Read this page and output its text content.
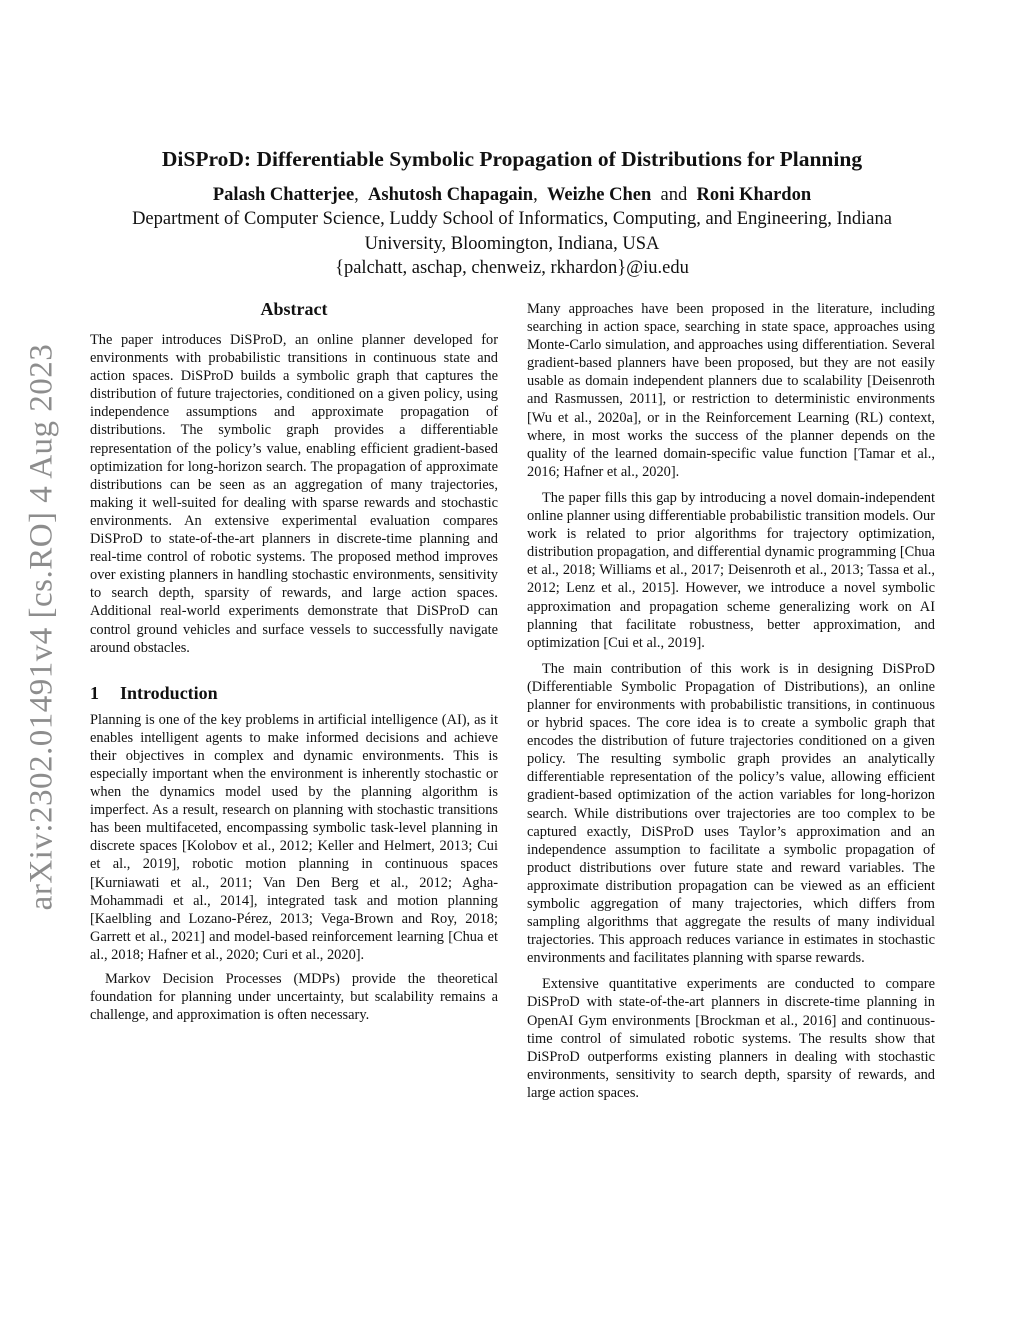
arXiv:2302.01491v4 [cs.RO] 4 Aug 2023
DiSProD: Differentiable Symbolic Propagation of Distributions for Planning
Palash Chatterjee, Ashutosh Chapagain, Weizhe Chen and Roni Khardon
Department of Computer Science, Luddy School of Informatics, Computing, and Engineering, Indiana
University, Bloomington, Indiana, USA
{palchatt, aschap, chenweiz, rkhardon}@iu.edu
Abstract

The paper introduces DiSProD, an online planner developed for environments with probabilistic transitions in continuous state and action spaces. DiSProD builds a symbolic graph that captures the distribution of future trajectories, conditioned on a given policy, using independence assumptions and approximate propagation of distributions. The symbolic graph provides a differentiable representation of the policy’s value, enabling efficient gradient-based optimization for long-horizon search. The propagation of approximate distributions can be seen as an aggregation of many trajectories, making it well-suited for dealing with sparse rewards and stochastic environments. An extensive experimental evaluation compares DiSProD to state-of-the-art planners in discrete-time planning and real-time control of robotic systems. The proposed method improves over existing planners in handling stochastic environments, sensitivity to search depth, sparsity of rewards, and large action spaces. Additional real-world experiments demonstrate that DiSProD can control ground vehicles and surface vessels to successfully navigate around obstacles.

1 Introduction

Planning is one of the key problems in artificial intelligence (AI), as it enables intelligent agents to make informed decisions and achieve their objectives in complex and dynamic environments. This is especially important when the environment is inherently stochastic or when the dynamics model used by the planning algorithm is imperfect. As a result, research on planning with stochastic transitions has been multifaceted, encompassing symbolic task-level planning in discrete spaces [Kolobov et al., 2012; Keller and Helmert, 2013; Cui et al., 2019], robotic motion planning in continuous spaces [Kurniawati et al., 2011; Van Den Berg et al., 2012; Agha-Mohammadi et al., 2014], integrated task and motion planning [Kaelbling and Lozano-Pérez, 2013; Vega-Brown and Roy, 2018; Garrett et al., 2021] and model-based reinforcement learning [Chua et al., 2018; Hafner et al., 2020; Curi et al., 2020].

Markov Decision Processes (MDPs) provide the theoretical foundation for planning under uncertainty, but scalability remains a challenge, and approximation is often necessary.

Many approaches have been proposed in the literature, including searching in action space, searching in state space, approaches using Monte-Carlo simulation, and approaches using differentiation. Several gradient-based planners have been proposed, but they are not easily usable as domain independent planners due to scalability [Deisenroth and Rasmussen, 2011], or restriction to deterministic environments [Wu et al., 2020a], or in the Reinforcement Learning (RL) context, where, in most works the success of the planner depends on the quality of the learned domain-specific value function [Tamar et al., 2016; Hafner et al., 2020].

The paper fills this gap by introducing a novel domain-independent online planner using differentiable probabilistic transition models. Our work is related to prior algorithms for trajectory optimization, distribution propagation, and differential dynamic programming [Chua et al., 2018; Williams et al., 2017; Deisenroth et al., 2013; Tassa et al., 2012; Lenz et al., 2015]. However, we introduce a novel symbolic approximation and propagation scheme generalizing work on AI planning that facilitate robustness, better approximation, and optimization [Cui et al., 2019].

The main contribution of this work is in designing DiSProD (Differentiable Symbolic Propagation of Distributions), an online planner for environments with probabilistic transitions, in continuous or hybrid spaces. The core idea is to create a symbolic graph that encodes the distribution of future trajectories conditioned on a given policy. The resulting symbolic graph provides an analytically differentiable representation of the policy’s value, allowing efficient gradient-based optimization of the action variables for long-horizon search. While distributions over trajectories are too complex to be captured exactly, DiSProD uses Taylor’s approximation and an independence assumption to facilitate a symbolic propagation of product distributions over future state and reward variables. The approximate distribution propagation can be viewed as an efficient symbolic aggregation of many trajectories, which differs from sampling algorithms that aggregate the results of many individual trajectories. This approach reduces variance in estimates in stochastic environments and facilitates planning with sparse rewards.

Extensive quantitative experiments are conducted to compare DiSProD with state-of-the-art planners in discrete-time planning in OpenAI Gym environments [Brockman et al., 2016] and continuous-time control of simulated robotic systems. The results show that DiSProD outperforms existing planners in dealing with stochastic environments, sensitivity to search depth, sparsity of rewards, and large action spaces.
